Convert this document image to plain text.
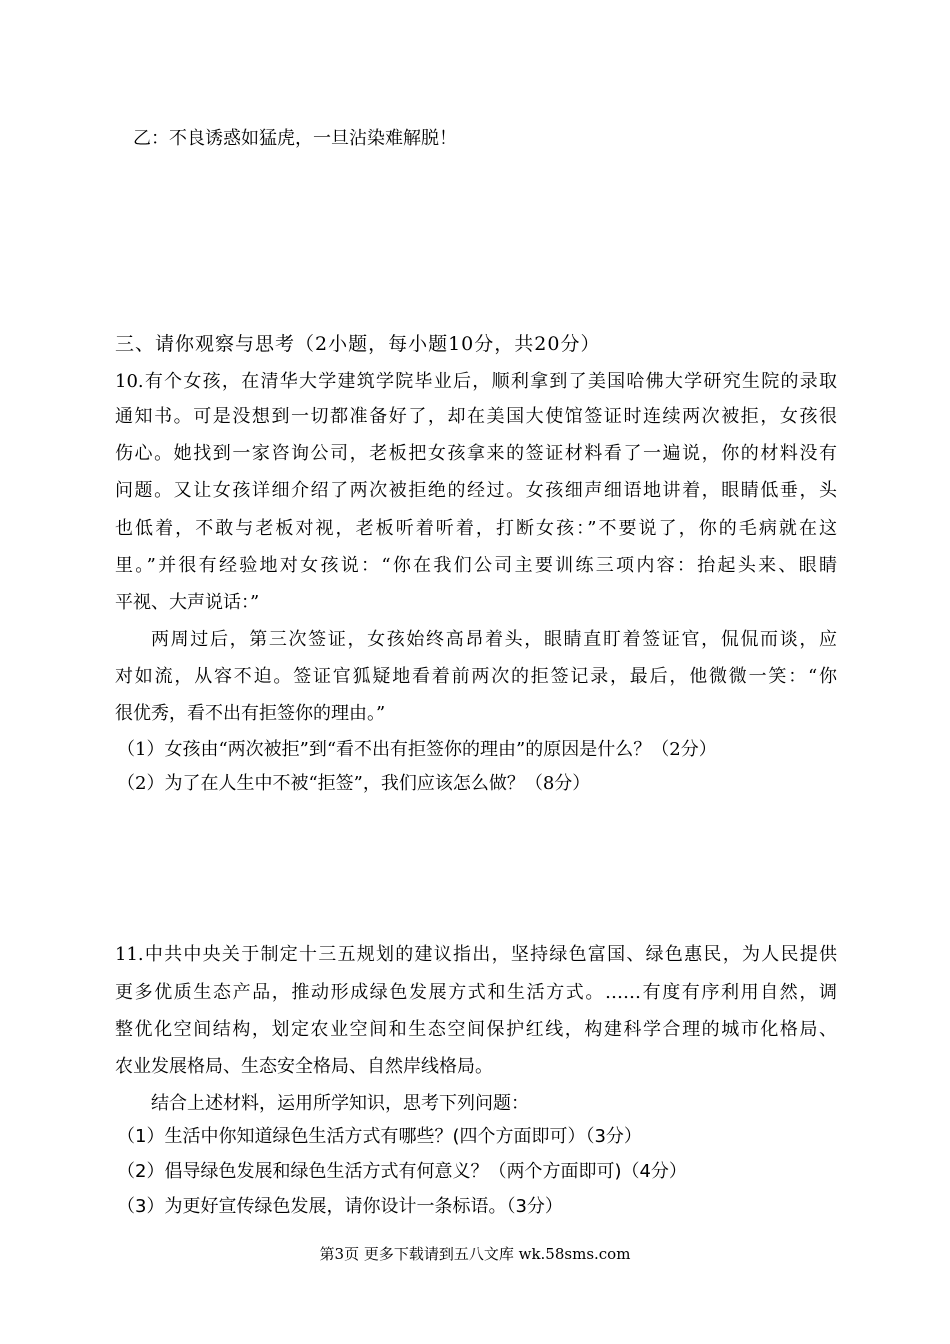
乙：不良诱惑如猛虎，一旦沾染难解脱！
三、请你观察与思考（2小题，每小题10分，共20分）
10.有个女孩，在清华大学建筑学院毕业后，顺利拿到了美国哈佛大学研究生院的录取
通知书。可是没想到一切都准备好了，却在美国大使馆签证时连续两次被拒，女孩很
伤心。她找到一家咨询公司，老板把女孩拿来的签证材料看了一遍说，你的材料没有
问题。又让女孩详细介绍了两次被拒绝的经过。女孩细声细语地讲着，眼睛低垂，头
也低着，不敢与老板对视，老板听着听着，打断女孩：”不要说了，你的毛病就在这
里。”并很有经验地对女孩说：“你在我们公司主要训练三项内容：抬起头来、眼睛
平视、大声说话：”
两周过后，第三次签证，女孩始终高昂着头，眼睛直盯着签证官，侃侃而谈，应
对如流，从容不迫。签证官狐疑地看着前两次的拒签记录，最后，他微微一笑：“你
很优秀，看不出有拒签你的理由。”
（1）女孩由“两次被拒”到“看不出有拒签你的理由”的原因是什么？（2分）
（2）为了在人生中不被“拒签”，我们应该怎么做？（8分）
11.中共中央关于制定十三五规划的建议指出，坚持绿色富国、绿色惠民，为人民提供
更多优质生态产品，推动形成绿色发展方式和生活方式。……有度有序利用自然，调
整优化空间结构，划定农业空间和生态空间保护红线，构建科学合理的城市化格局、
农业发展格局、生态安全格局、自然岸线格局。
结合上述材料，运用所学知识，思考下列问题：
（1）生活中你知道绿色生活方式有哪些？(四个方面即可）（3分）
（2）倡导绿色发展和绿色生活方式有何意义？（两个方面即可)（4分）
（3）为更好宣传绿色发展，请你设计一条标语。（3分）
第3页 更多下载请到五八文库 wk.58sms.com
